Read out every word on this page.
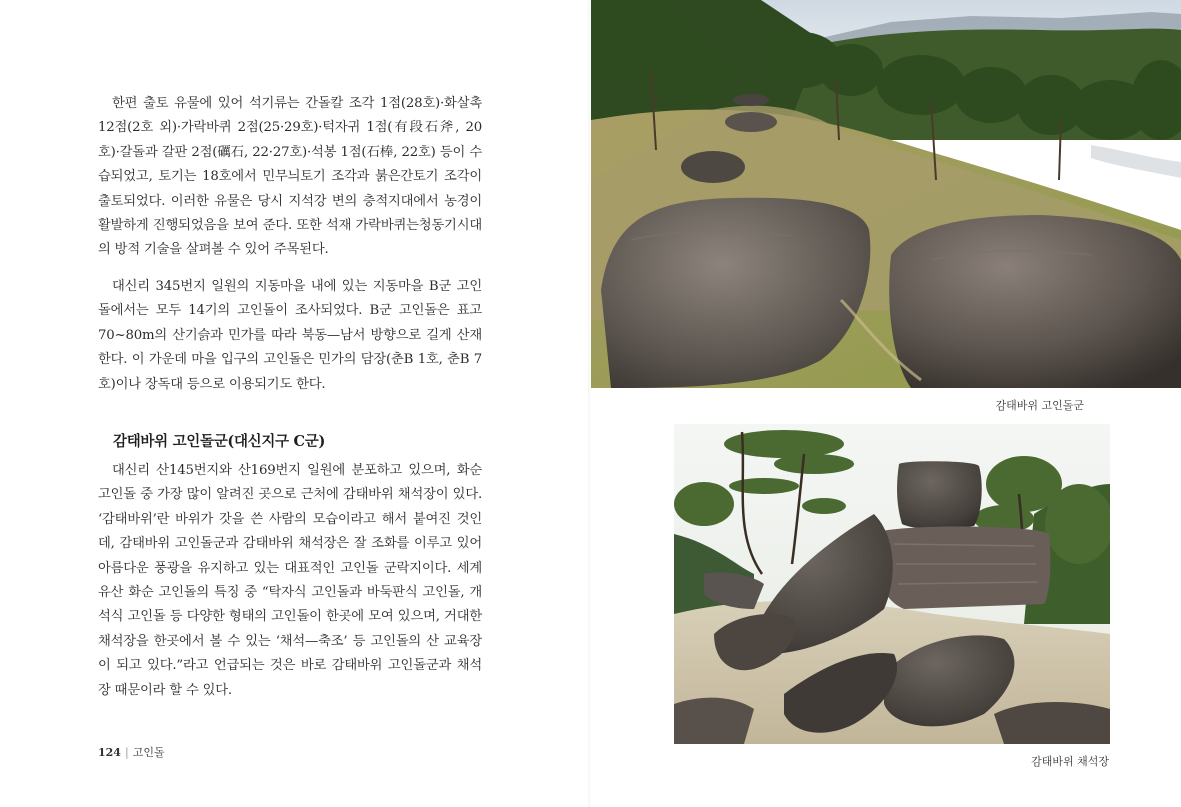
한편 출토 유물에 있어 석기류는 간돌칼 조각 1점(28호)·화살촉 12점(2호 외)·가락바퀴 2점(25·29호)·턱자귀 1점(有段石斧, 20호)·갈돌과 갈판 2점(礪石, 22·27호)·석봉 1점(石棒, 22호) 등이 수습되었고, 토기는 18호에서 민무늬토기 조각과 붉은간토기 조각이 출토되었다. 이러한 유물은 당시 지석강 변의 충적지대에서 농경이 활발하게 진행되었음을 보여 준다. 또한 석재 가락바퀴는청동기시대의 방적 기술을 살펴볼 수 있어 주목된다.

대신리 345번지 일원의 지동마을 내에 있는 지동마을 B군 고인돌에서는 모두 14기의 고인돌이 조사되었다. B군 고인돌은 표고 70~80m의 산기슭과 민가를 따라 북동—남서 방향으로 길게 산재한다. 이 가운데 마을 입구의 고인돌은 민가의 담장(춘B 1호, 춘B 7호)이나 장독대 등으로 이용되기도 한다.

감태바위 고인돌군(대신지구 C군)

대신리 산145번지와 산169번지 일원에 분포하고 있으며, 화순 고인돌 중 가장 많이 알려진 곳으로 근처에 감태바위 채석장이 있다. ‘감태바위’란 바위가 갓을 쓴 사람의 모습이라고 해서 붙여진 것인데, 감태바위 고인돌군과 감태바위 채석장은 잘 조화를 이루고 있어 아름다운 풍광을 유지하고 있는 대표적인 고인돌 군락지이다. 세계유산 화순 고인돌의 특징 중 “탁자식 고인돌과 바둑판식 고인돌, 개석식 고인돌 등 다양한 형태의 고인돌이 한곳에 모여 있으며, 거대한 채석장을 한곳에서 볼 수 있는 ‘채석—축조’ 등 고인돌의 산 교육장이 되고 있다.”라고 언급되는 것은 바로 감태바위 고인돌군과 채석장 때문이라 할 수 있다.

124 | 고인돌

감태바위 고인돌군

감태바위 채석장
